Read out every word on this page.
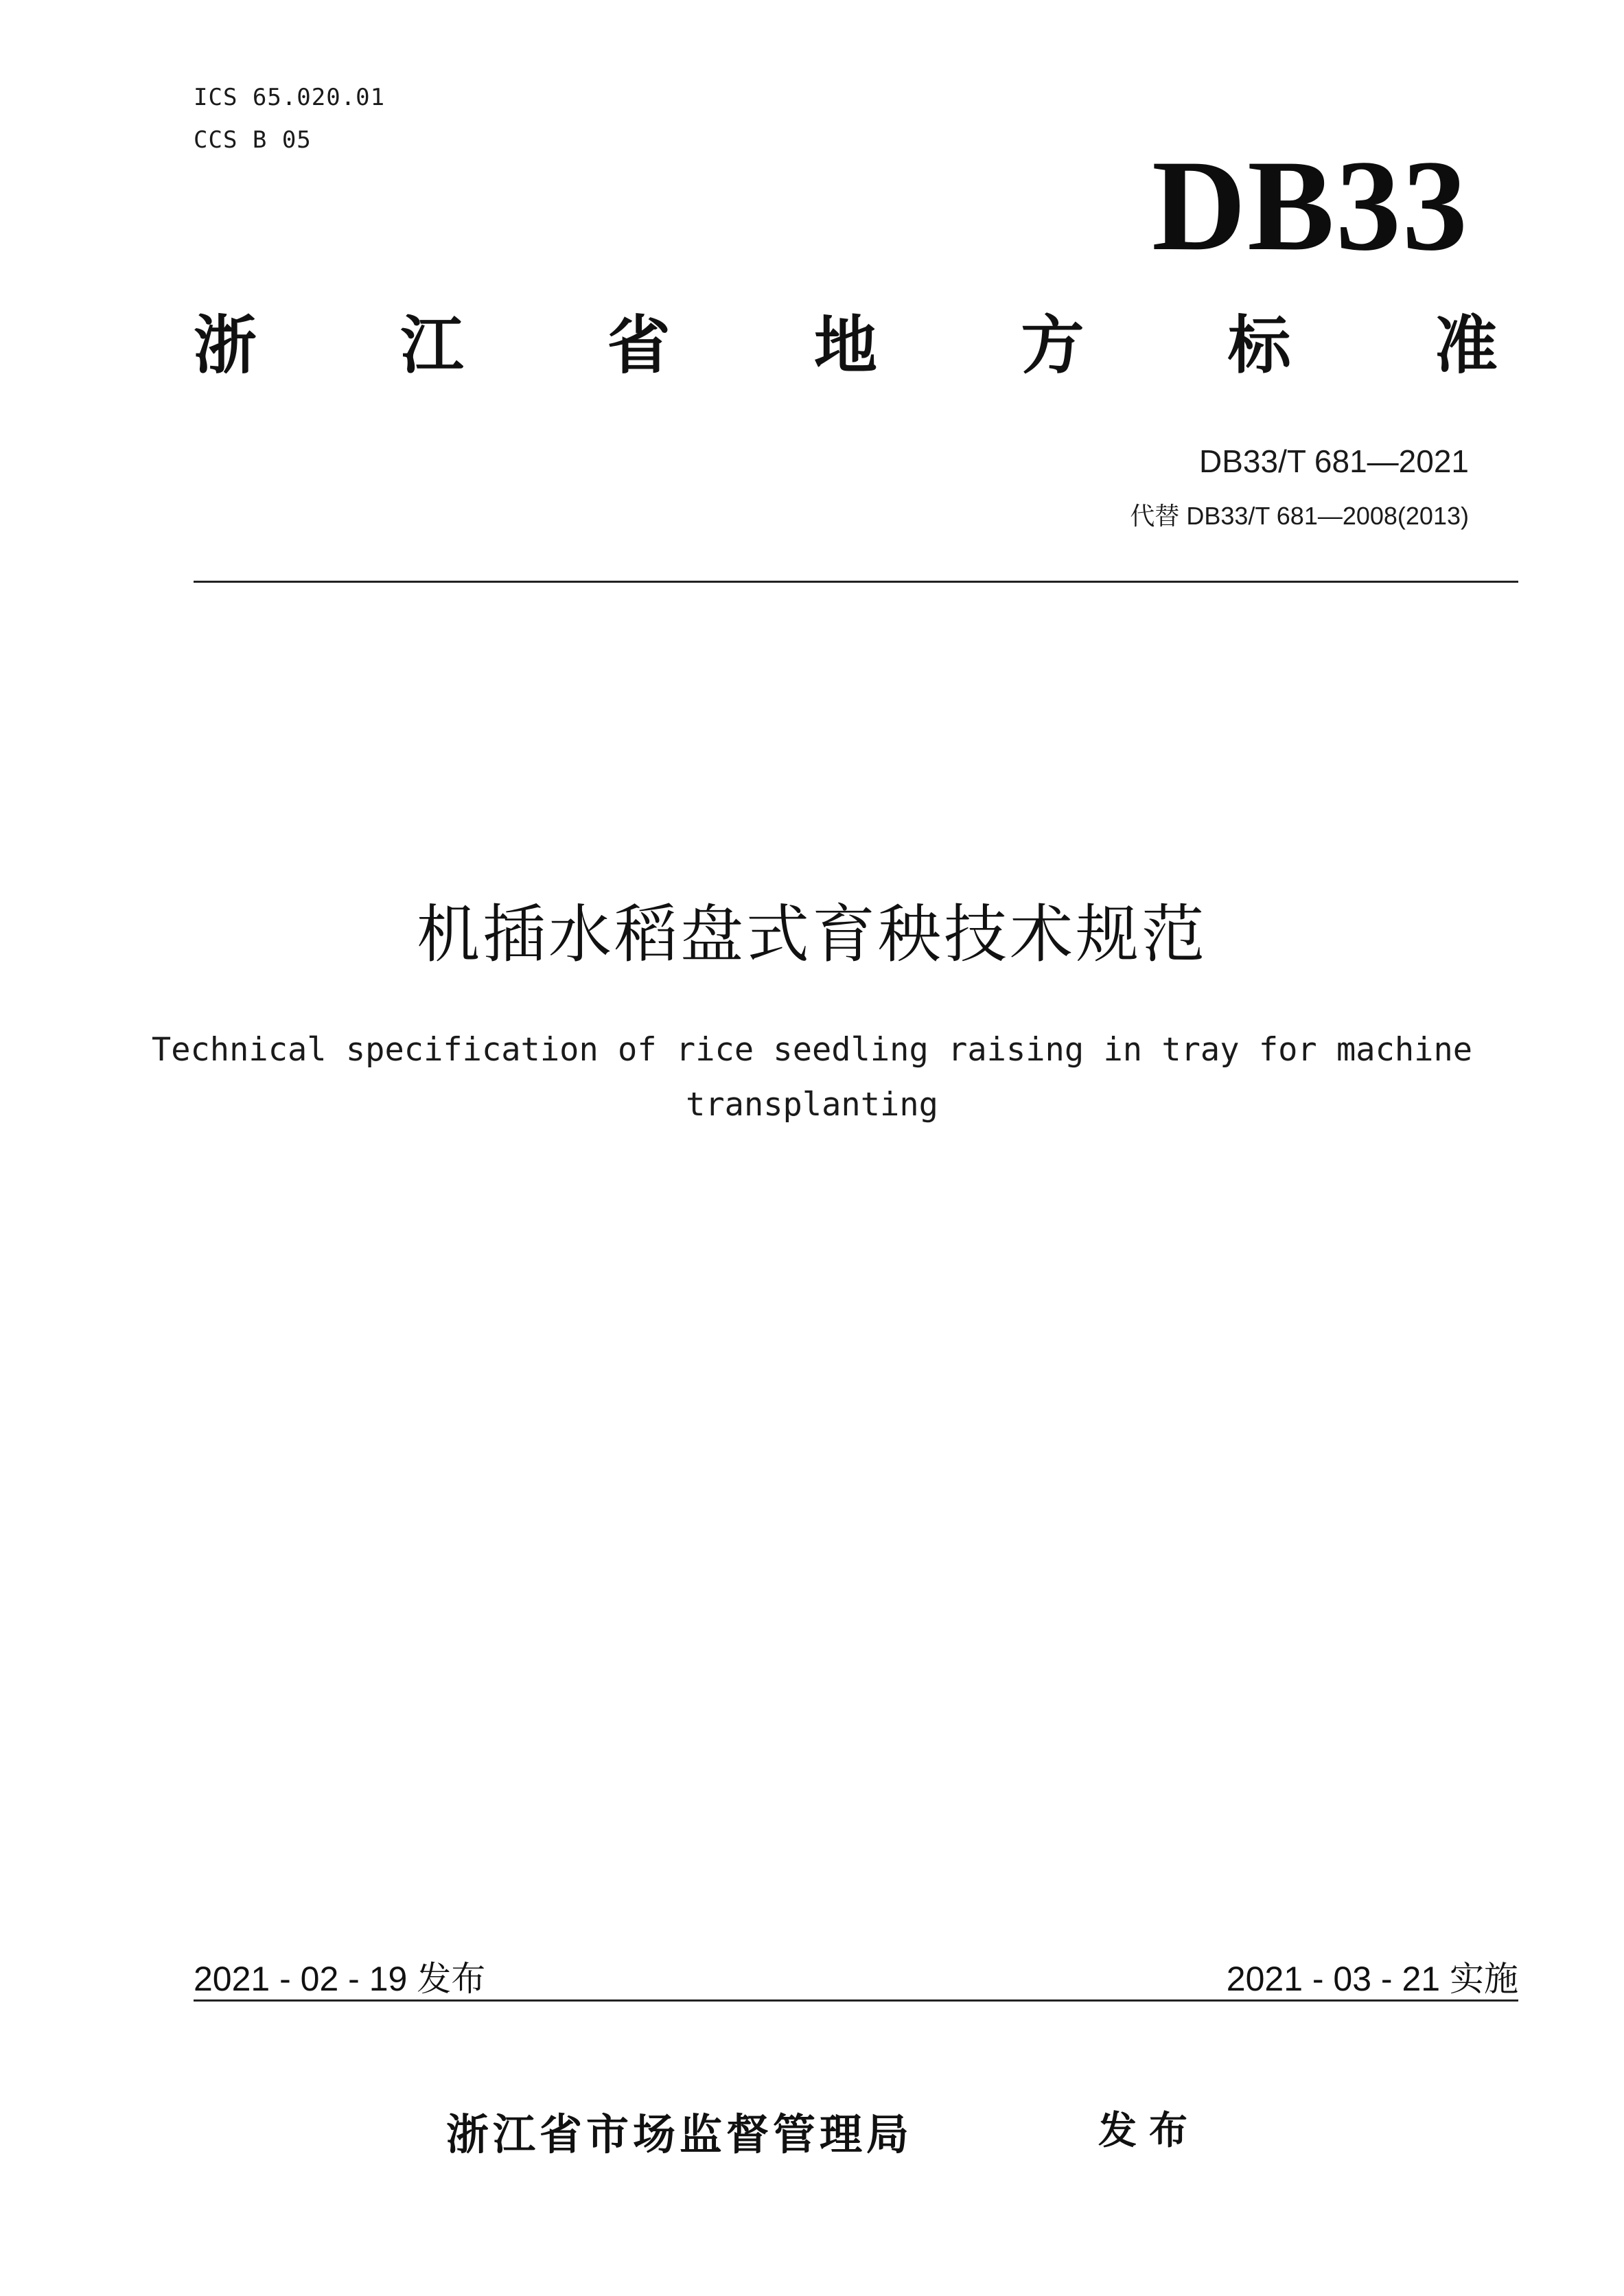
ICS 65.020.01
CCS B 05	DB33
浙 江 省 地 方 标 准
DB33/T 681—2021
代替 DB33/T 681—2008(2013)
机插水稻盘式育秧技术规范
Technical specification of rice seedling raising in tray for machine
transplanting
2021 - 02 - 19 发布	2021 - 03 - 21 实施
浙江省市场监督管理局	发布
